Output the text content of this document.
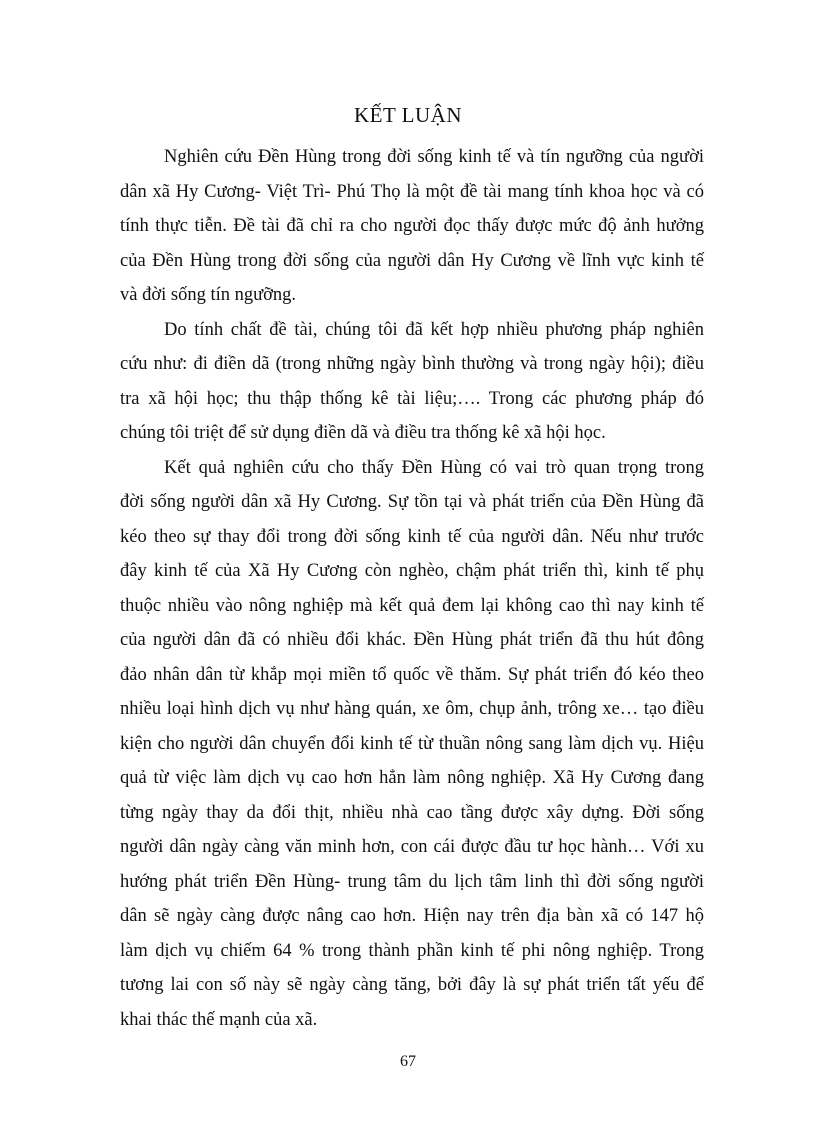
KẾT LUẬN
Nghiên cứu Đền Hùng trong đời sống kinh tế và tín ngưỡng của người
dân xã Hy Cương- Việt Trì- Phú Thọ là một đề tài mang tính khoa học và có
tính thực tiễn. Đề tài đã chỉ ra cho người đọc thấy được mức độ ảnh hưởng
của Đền Hùng trong đời sống của người dân Hy Cương về lĩnh vực kinh tế
và đời sống tín ngưỡng.
Do tính chất đề tài, chúng tôi đã kết hợp nhiều phương pháp nghiên
cứu như: đi điền dã (trong những ngày bình thường và trong ngày hội); điều
tra xã hội học; thu thập thống kê tài liệu;…. Trong các phương pháp đó
chúng tôi triệt để sử dụng điền dã và điều tra thống kê xã hội học.
Kết quả nghiên cứu cho thấy Đền Hùng có vai trò quan trọng trong
đời sống người dân xã Hy Cương. Sự tồn tại và phát triển của Đền Hùng đã
kéo theo sự thay đổi trong đời sống kinh tế của người dân. Nếu như trước
đây kinh tế của Xã Hy Cương còn nghèo, chậm phát triển thì, kinh tế phụ
thuộc nhiều vào nông nghiệp mà kết quả đem lại không cao thì nay kinh tế
của người dân đã có nhiều đổi khác. Đền Hùng phát triển đã thu hút đông
đảo nhân dân từ khắp mọi miền tổ quốc về thăm. Sự phát triển đó kéo theo
nhiều loại hình dịch vụ như hàng quán, xe ôm, chụp ảnh, trông xe… tạo điều
kiện cho người dân chuyển đổi kinh tế từ thuần nông sang làm dịch vụ. Hiệu
quả từ việc làm dịch vụ cao hơn hẳn làm nông nghiệp. Xã Hy Cương đang
từng ngày thay da đổi thịt, nhiều nhà cao tầng được xây dựng. Đời sống
người dân ngày càng văn minh hơn, con cái được đầu tư học hành… Với xu
hướng phát triển Đền Hùng- trung tâm du lịch tâm linh thì đời sống người
dân sẽ ngày càng được nâng cao hơn. Hiện nay trên địa bàn xã có 147 hộ
làm dịch vụ chiếm 64 % trong thành phần kinh tế phi nông nghiệp. Trong
tương lai con số này sẽ ngày càng tăng, bởi đây là sự phát triển tất yếu để
khai thác thế mạnh của xã.
67
